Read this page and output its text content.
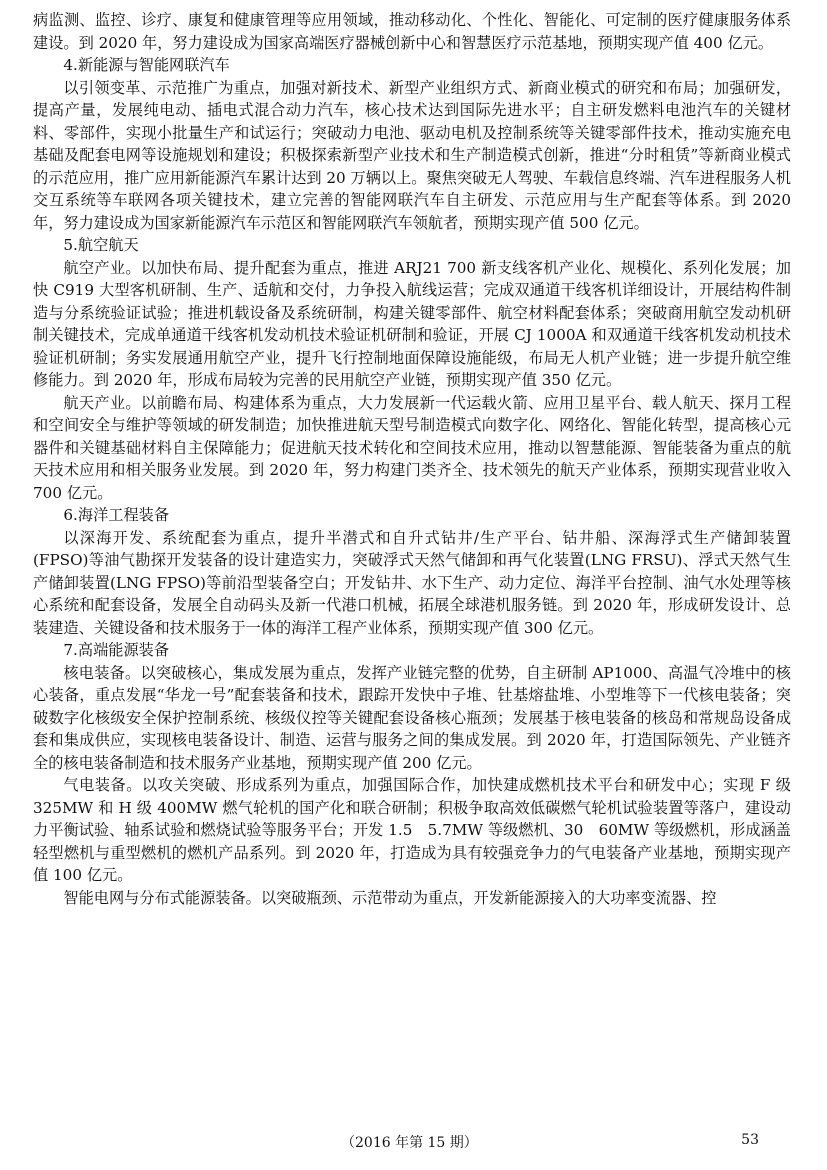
病监测、监控、诊疗、康复和健康管理等应用领域，推动移动化、个性化、智能化、可定制的医疗健康服务体系建设。到 2020 年，努力建设成为国家高端医疗器械创新中心和智慧医疗示范基地，预期实现产值 400 亿元。

4.新能源与智能网联汽车

以引领变革、示范推广为重点，加强对新技术、新型产业组织方式、新商业模式的研究和布局；加强研发，提高产量，发展纯电动、插电式混合动力汽车，核心技术达到国际先进水平；自主研发燃料电池汽车的关键材料、零部件，实现小批量生产和试运行；突破动力电池、驱动电机及控制系统等关键零部件技术，推动实施充电基础及配套电网等设施规划和建设；积极探索新型产业技术和生产制造模式创新，推进“分时租赁”等新商业模式的示范应用，推广应用新能源汽车累计达到 20 万辆以上。聚焦突破无人驾驶、车载信息终端、汽车进程服务人机交互系统等车联网各项关键技术，建立完善的智能网联汽车自主研发、示范应用与生产配套等体系。到 2020 年，努力建设成为国家新能源汽车示范区和智能网联汽车领航者，预期实现产值 500 亿元。

5.航空航天

航空产业。以加快布局、提升配套为重点，推进 ARJ21 700 新支线客机产业化、规模化、系列化发展；加快 C919 大型客机研制、生产、适航和交付，力争投入航线运营；完成双通道干线客机详细设计，开展结构件制造与分系统验证试验；推进机载设备及系统研制，构建关键零部件、航空材料配套体系；突破商用航空发动机研制关键技术，完成单通道干线客机发动机技术验证机研制和验证，开展 CJ 1000A 和双通道干线客机发动机技术验证机研制；务实发展通用航空产业，提升飞行控制地面保障设施能级，布局无人机产业链；进一步提升航空维修能力。到 2020 年，形成布局较为完善的民用航空产业链，预期实现产值 350 亿元。

航天产业。以前瞻布局、构建体系为重点，大力发展新一代运载火箭、应用卫星平台、载人航天、探月工程和空间安全与维护等领域的研发制造；加快推进航天型号制造模式向数字化、网络化、智能化转型，提高核心元器件和关键基础材料自主保障能力；促进航天技术转化和空间技术应用，推动以智慧能源、智能装备为重点的航天技术应用和相关服务业发展。到 2020 年，努力构建门类齐全、技术领先的航天产业体系，预期实现营业收入 700 亿元。

6.海洋工程装备

以深海开发、系统配套为重点，提升半潜式和自升式钻井/生产平台、钻井船、深海浮式生产储卸装置(FPSO)等油气勘探开发装备的设计建造实力，突破浮式天然气储卸和再气化装置(LNG FRSU)、浮式天然气生产储卸装置(LNG FPSO)等前沿型装备空白；开发钻井、水下生产、动力定位、海洋平台控制、油气水处理等核心系统和配套设备，发展全自动码头及新一代港口机械，拓展全球港机服务链。到 2020 年，形成研发设计、总装建造、关键设备和技术服务于一体的海洋工程产业体系，预期实现产值 300 亿元。

7.高端能源装备

核电装备。以突破核心，集成发展为重点，发挥产业链完整的优势，自主研制 AP1000、高温气冷堆中的核心装备，重点发展“华龙一号”配套装备和技术，跟踪开发快中子堆、钍基熔盐堆、小型堆等下一代核电装备；突破数字化核级安全保护控制系统、核级仪控等关键配套设备核心瓶颈；发展基于核电装备的核岛和常规岛设备成套和集成供应，实现核电装备设计、制造、运营与服务之间的集成发展。到 2020 年，打造国际领先、产业链齐全的核电装备制造和技术服务产业基地，预期实现产值 200 亿元。

气电装备。以攻关突破、形成系列为重点，加强国际合作，加快建成燃机技术平台和研发中心；实现 F 级 325MW 和 H 级 400MW 燃气轮机的国产化和联合研制；积极争取高效低碳燃气轮机试验装置等落户，建设动力平衡试验、轴系试验和燃烧试验等服务平台；开发 1.5　5.7MW 等级燃机、30　60MW 等级燃机，形成涵盖轻型燃机与重型燃机的燃机产品系列。到 2020 年，打造成为具有较强竞争力的气电装备产业基地，预期实现产值 100 亿元。

智能电网与分布式能源装备。以突破瓶颈、示范带动为重点，开发新能源接入的大功率变流器、控

（2016 年第 15 期）	53
